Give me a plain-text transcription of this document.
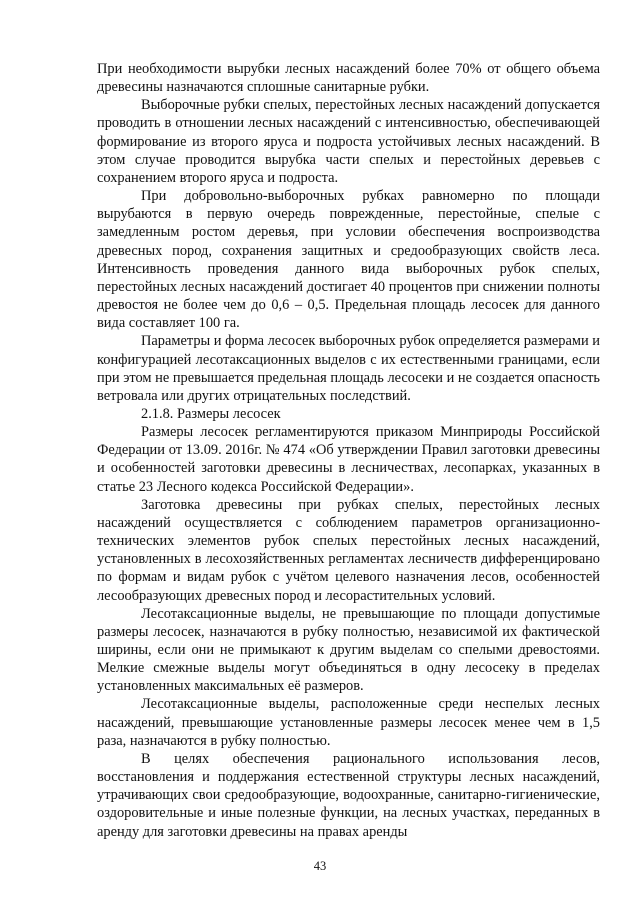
При необходимости вырубки лесных насаждений более 70% от общего объема древесины назначаются сплошные санитарные рубки.

Выборочные рубки спелых, перестойных лесных насаждений допускается проводить в отношении лесных насаждений с интенсивностью, обеспечивающей формирование из второго яруса и подроста устойчивых лесных насаждений. В этом случае проводится вырубка части спелых и перестойных деревьев с сохранением второго яруса и подроста.

При добровольно-выборочных рубках равномерно по площади вырубаются в первую очередь поврежденные, перестойные, спелые с замедленным ростом деревья, при условии обеспечения воспроизводства древесных пород, сохранения защитных и средообразующих свойств леса. Интенсивность проведения данного вида выборочных рубок спелых, перестойных лесных насаждений достигает 40 процентов при снижении полноты древостоя не более чем до 0,6 – 0,5. Предельная площадь лесосек для данного вида составляет 100 га.

Параметры и форма лесосек выборочных рубок определяется размерами и конфигурацией лесотаксационных выделов с их естественными границами, если при этом не превышается предельная площадь лесосеки и не создается опасность ветровала или других отрицательных последствий.

2.1.8. Размеры лесосек

Размеры лесосек регламентируются приказом Минприроды Российской Федерации от 13.09. 2016г. № 474 «Об утверждении Правил заготовки древесины и особенностей заготовки древесины в лесничествах, лесопарках, указанных в статье 23 Лесного кодекса Российской Федерации».

Заготовка древесины при рубках спелых, перестойных лесных насаждений осуществляется с соблюдением параметров организационно-технических элементов рубок спелых перестойных лесных насаждений, установленных в лесохозяйственных регламентах лесничеств дифференцировано по формам и видам рубок с учётом целевого назначения лесов, особенностей лесообразующих древесных пород и лесорастительных условий.

Лесотаксационные выделы, не превышающие по площади допустимые размеры лесосек, назначаются в рубку полностью, независимой их фактической ширины, если они не примыкают к другим выделам со спелыми древостоями. Мелкие смежные выделы могут объединяться в одну лесосеку в пределах установленных максимальных её размеров.

Лесотаксационные выделы, расположенные среди неспелых лесных насаждений, превышающие установленные размеры лесосек менее чем в 1,5 раза, назначаются в рубку полностью.

В целях обеспечения рационального использования лесов, восстановления и поддержания естественной структуры лесных насаждений, утрачивающих свои средообразующие, водоохранные, санитарно-гигиенические, оздоровительные и иные полезные функции, на лесных участках, переданных в аренду для заготовки древесины на правах аренды

43
